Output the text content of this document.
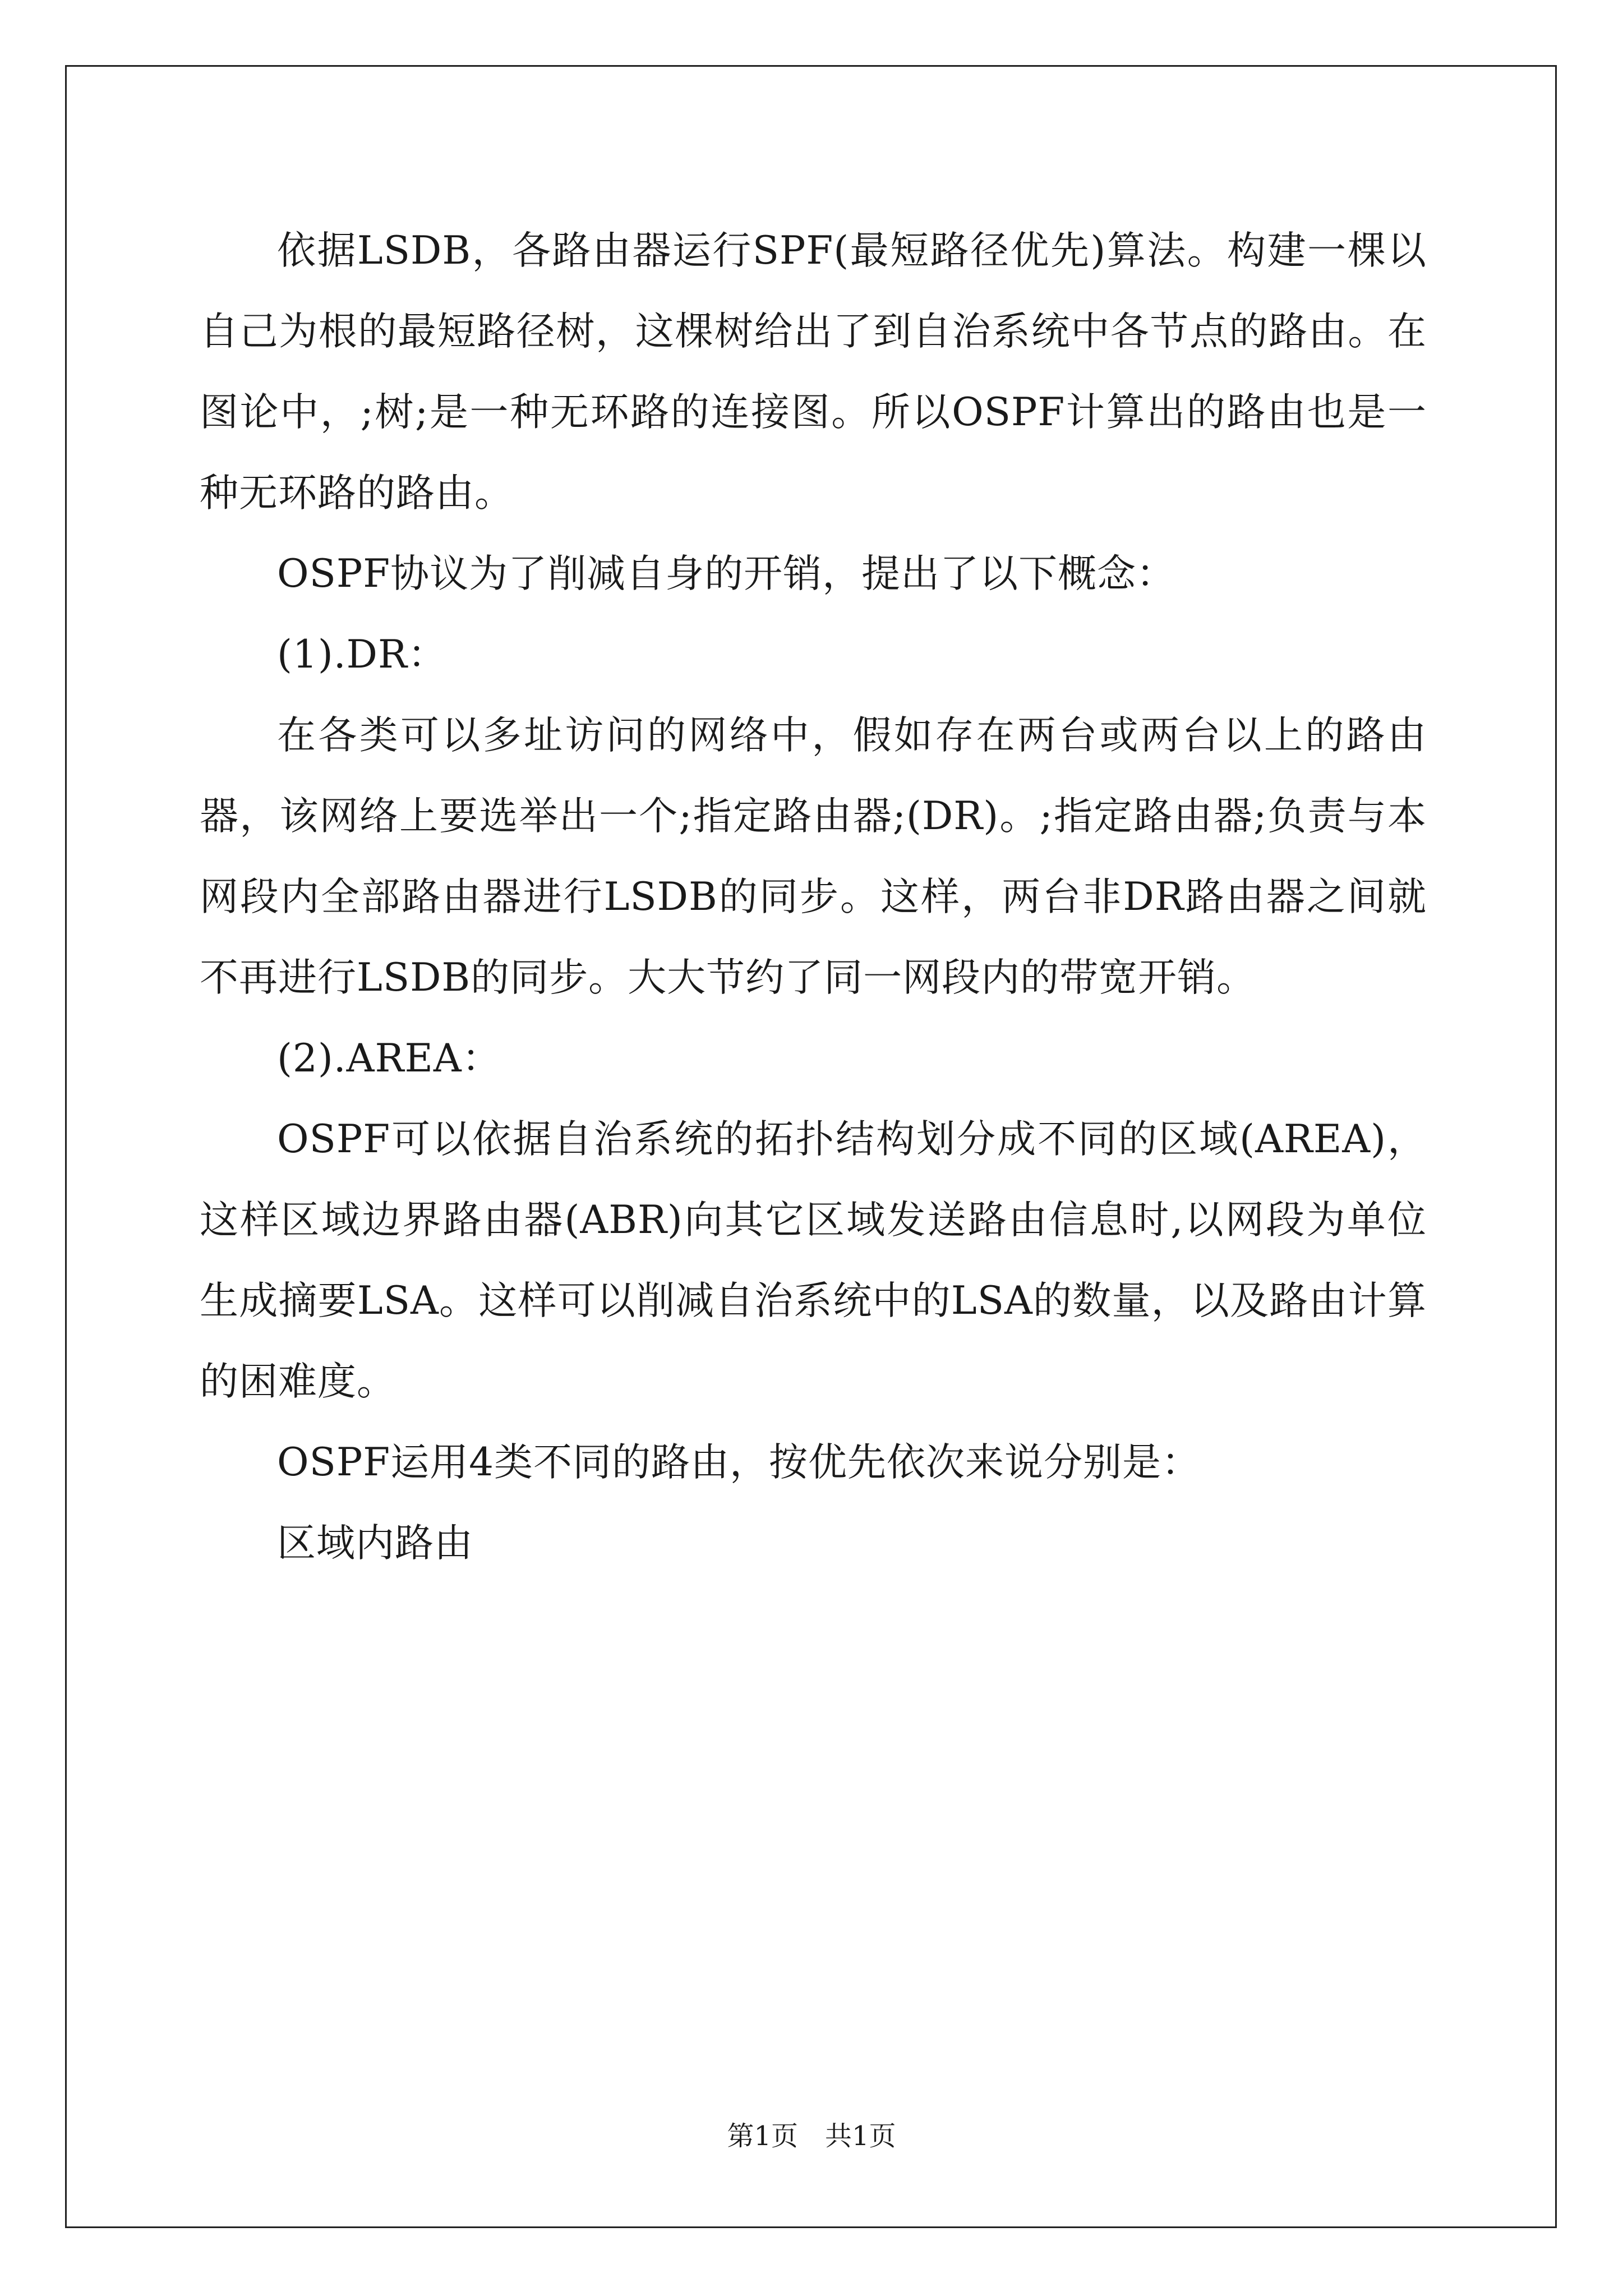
依据LSDB，各路由器运行SPF(最短路径优先)算法。构建一棵以自己为根的最短路径树，这棵树给出了到自治系统中各节点的路由。在图论中，;树;是一种无环路的连接图。所以OSPF计算出的路由也是一种无环路的路由。

OSPF协议为了削减自身的开销，提出了以下概念：

(1).DR：

在各类可以多址访问的网络中，假如存在两台或两台以上的路由器，该网络上要选举出一个;指定路由器;(DR)。;指定路由器;负责与本网段内全部路由器进行LSDB的同步。这样，两台非DR路由器之间就不再进行LSDB的同步。大大节约了同一网段内的带宽开销。

(2).AREA：

OSPF可以依据自治系统的拓扑结构划分成不同的区域(AREA)，这样区域边界路由器(ABR)向其它区域发送路由信息时,以网段为单位生成摘要LSA。这样可以削减自治系统中的LSA的数量，以及路由计算的困难度。

OSPF运用4类不同的路由，按优先依次来说分别是：

区域内路由

第1页 共1页
